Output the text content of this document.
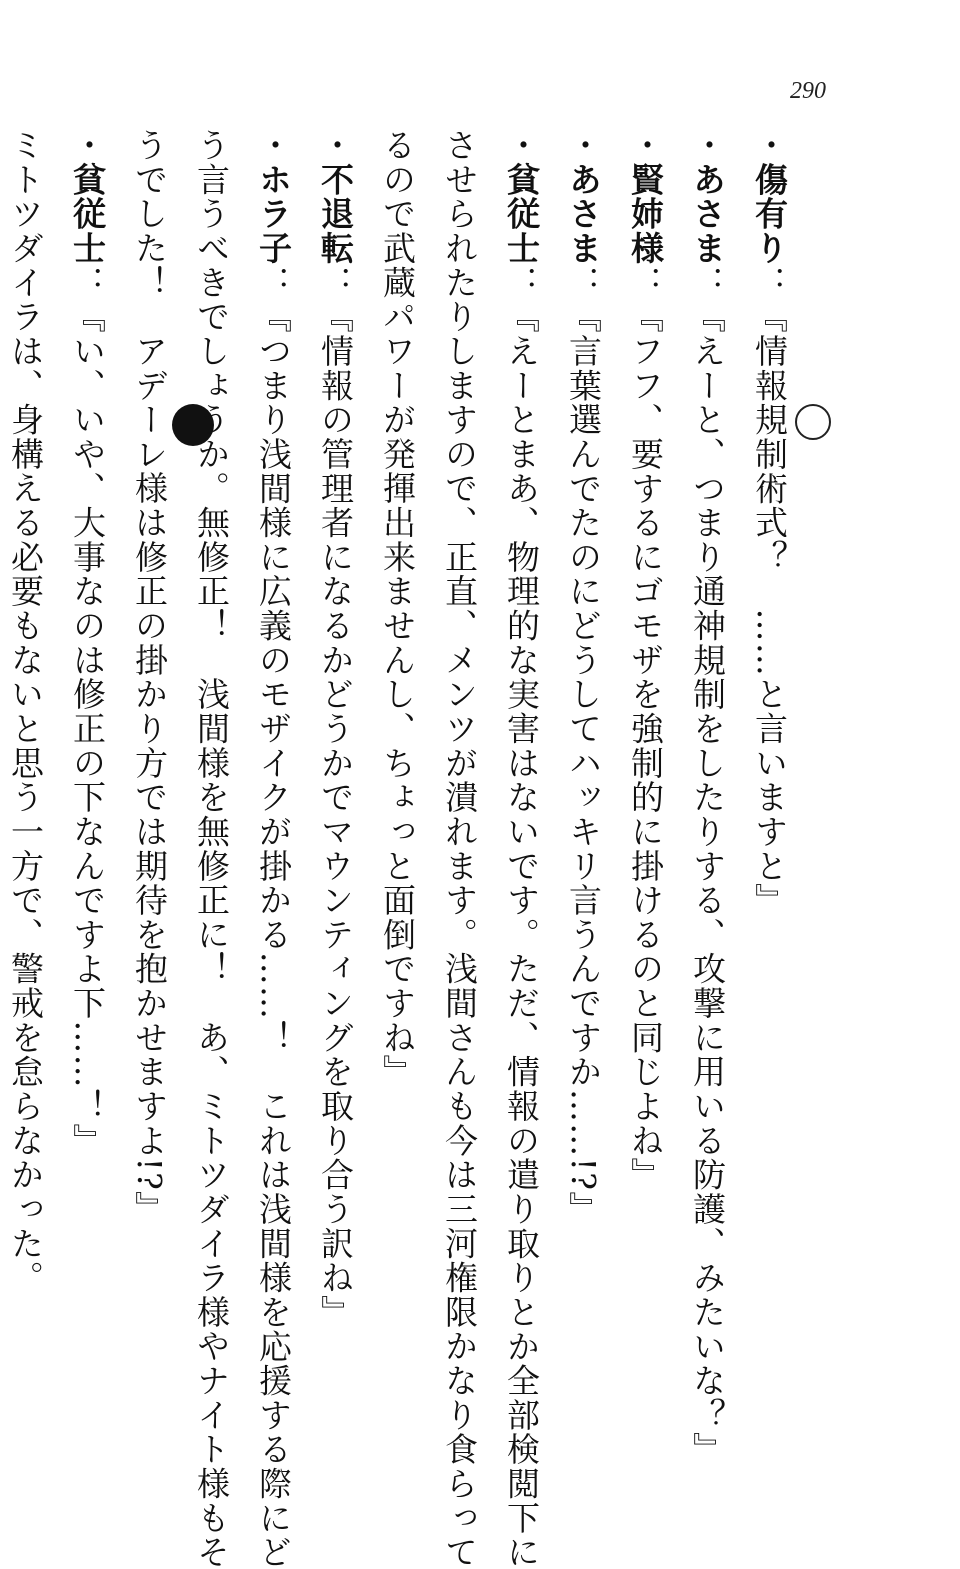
290
・傷有り：『情報規制術式？　……と言いますと』
・あさま：『えーと、つまり通神規制をしたりする、攻撃に用いる防護、みたいな？』
・賢姉様：『フフ、要するにゴモザを強制的に掛けるのと同じよね』
・あさま：『言葉選んでたのにどうしてハッキリ言うんですか……!?』
・貧従士：『えーとまあ、物理的な実害はないです。ただ、情報の遣り取りとか全部検閲下に
させられたりしますので、正直、メンツが潰れます。浅間さんも今は三河権限かなり食らって
るので武蔵パワーが発揮出来ませんし、ちょっと面倒ですね』
・不退転：『情報の管理者になるかどうかでマウンティングを取り合う訳ね』
・ホラ子：『つまり浅間様に広義のモザイクが掛かる……！　これは浅間様を応援する際にど
う言うべきでしょうか。無修正！　浅間様を無修正に！　あ、ミトツダイラ様やナイト様もそ
うでした！　アデーレ様は修正の掛かり方では期待を抱かせますよ!?』
・貧従士：『い、いや、大事なのは修正の下なんですよ下……！』
ミトツダイラは、身構える必要もないと思う一方で、警戒を怠らなかった。
